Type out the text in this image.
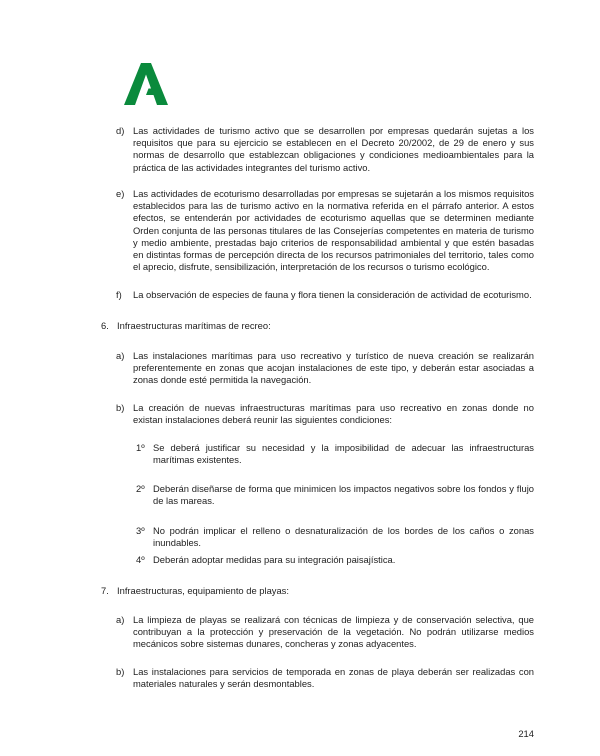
d) Las actividades de turismo activo que se desarrollen por empresas quedarán sujetas a los requisitos que para su ejercicio se establecen en el Decreto 20/2002, de 29 de enero y sus normas de desarrollo que establezcan obligaciones y condiciones medioambientales para la práctica de las actividades integrantes del turismo activo.
e) Las actividades de ecoturismo desarrolladas por empresas se sujetarán a los mismos requisitos establecidos para las de turismo activo en la normativa referida en el párrafo anterior. A estos efectos, se entenderán por actividades de ecoturismo aquellas que se determinen mediante Orden conjunta de las personas titulares de las Consejerías competentes en materia de turismo y medio ambiente, prestadas bajo criterios de responsabilidad ambiental y que estén basadas en distintas formas de percepción directa de los recursos patrimoniales del territorio, tales como el aprecio, disfrute, sensibilización, interpretación de los recursos o turismo ecológico.
f) La observación de especies de fauna y flora tienen la consideración de actividad de ecoturismo.
6. Infraestructuras marítimas de recreo:
a) Las instalaciones marítimas para uso recreativo y turístico de nueva creación se realizarán preferentemente en zonas que acojan instalaciones de este tipo, y deberán estar asociadas a zonas donde esté permitida la navegación.
b) La creación de nuevas infraestructuras marítimas para uso recreativo en zonas donde no existan instalaciones deberá reunir las siguientes condiciones:
1º Se deberá justificar su necesidad y la imposibilidad de adecuar las infraestructuras marítimas existentes.
2º Deberán diseñarse de forma que minimicen los impactos negativos sobre los fondos y flujo de las mareas.
3º No podrán implicar el relleno o desnaturalización de los bordes de los caños o zonas inundables.
4º Deberán adoptar medidas para su integración paisajística.
7. Infraestructuras, equipamiento de playas:
a) La limpieza de playas se realizará con técnicas de limpieza y de conservación selectiva, que contribuyan a la protección y preservación de la vegetación. No podrán utilizarse medios mecánicos sobre sistemas dunares, concheras y zonas adyacentes.
b) Las instalaciones para servicios de temporada en zonas de playa deberán ser realizadas con materiales naturales y serán desmontables.
214
